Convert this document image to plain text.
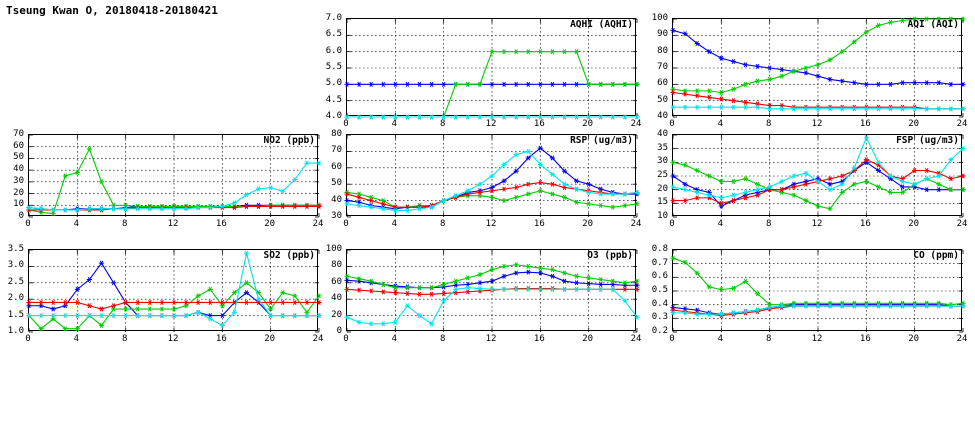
Tseung Kwan O, 20180418-20180421
AQHI (AQHI)
0	4	8	12	16	20	24
4.0
4.5
5.0
5.5
6.0
6.5
7.0
AQI (AQI)
0	4	8	12	16	20	24
40
50
60
70
80
90
100
NO2 (ppb)
0	4	8	12	16	20	24
0
10
20
30
40
50
60
70
RSP (ug/m3)
0	4	8	12	16	20	24
30
40
50
60
70
80
FSP (ug/m3)
0	4	8	12	16	20	24
10
15
20
25
30
35
40
SO2 (ppb)
0	4	8	12	16	20	24
1.0
1.5
2.0
2.5
3.0
3.5
O3 (ppb)
0	4	8	12	16	20	24
0
20
40
60
80
100
CO (ppm)
0	4	8	12	16	20	24
0.2
0.3
0.4
0.5
0.6
0.7
0.8
